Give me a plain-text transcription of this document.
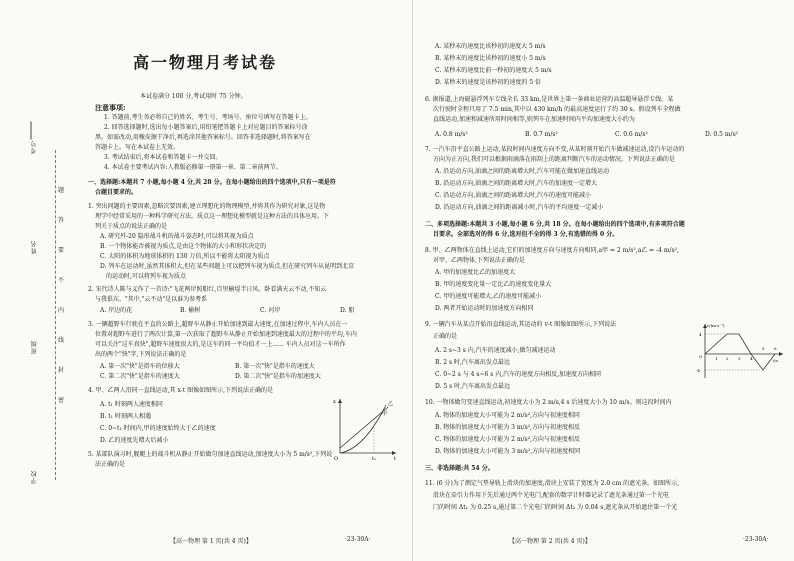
考号
姓名
班级
学校
题
答
要
不
内
线
封
密
高一物理月考试卷
本试卷满分 100 分,考试用时 75 分钟。
注意事项:
1. 答题前,考生务必将自己的姓名、考生号、考场号、座位号填写在答题卡上。
2. 回答选择题时,选出每小题答案后,用铅笔把答题卡上对应题目的答案标号涂
黑。如需改动,用橡皮擦干净后,再选涂其他答案标号。回答非选择题时,将答案写在
答题卡上。写在本试卷上无效。
3. 考试结束后,将本试卷和答题卡一并交回。
4. 本试卷主要考试内容:人教版必修第一册第一章、第二章前两节。
一、选择题:本题共 7 小题,每小题 4 分,共 28 分。在每小题给出的四个选项中,只有一项是符
合题目要求的。
1. 突出问题的主要因素,忽略次要因素,建立理想化的物理模型,并将其作为研究对象,这是物
理学中经常采用的一种科学研究方法。质点这一理想化模型就是这种方法的具体应用。下
列关于质点的说法正确的是
A. 研究歼-20 隐形战斗机的战斗姿态时,可以将其视为质点
B. 一个物体能否被视为质点,是由这个物体的大小和形状决定的
C. 太阳的体积为地球体积的 130 万倍,所以不能将太阳视为质点
D. 列车在运动时,虽然其体积大,但在某些问题上可以把列车视为质点,但在研究列车从昆明到北京
的运动时,可以将列车视为质点
2. 宋代诗人陈与义作了一首诗:"飞花两岸照船红,百里榆堤半日风。卧看满天云不动,不知云
与我俱东。"其中,"云不动"是以谁为参考系
A. 岸边的花	B. 榆树	C. 河岸	D. 船
3. 一辆超野车行驶在平直的公路上,超野车从静止开始加速到最大速度,在加速过程中,车内人员在一
位置对超野车进行了两次计算,第一次获取了超野车从静止开始加速到速度最大的过程中的平均,车内
可以关注"这车真快",超野车速度很大的,是这车的同一平均值才一上...... 车内人员对这一车所作
出的两个"快"字,下列说法正确的是
A. 第一次"快"是指车的位移大	B. 第一次"快"是指车的速度大
C. 第二次"快"是指车的速度大	D. 第二次"快"是指车的加速度大
4. 甲、乙两人沿同一直线运动,其 x-t 图像如图所示,下列说法正确的是
A. t₁ 时刻两人速度相同
B. t₁ 时刻两人相遇
C. 0~t₁ 时间内,甲的速度始终大于乙的速度
D. 乙的速度先增大后减小
x
t
O	t₁
甲
乙
5. 某部队演习时,舰艇上的战斗机从静止开始做匀加速直线运动,加速度大小为 5 m/s²,下列说
法正确的是
【高一物理 第 1 页(共 4 页)】	·23-30A·
A. 某秒末的速度比该秒初的速度大 5 m/s
B. 某秒末的速度比该秒初的速度小 5 m/s
C. 某秒末的速度比前一秒初的速度大 5 m/s
D. 某秒末的速度是该秒初的速度的 5 倍
6. 据报道,上海磁悬浮列车专线全长 33 km,是世界上第一条商业运营的高温超导悬浮专线。某
次行驶时全程只用了 7.5 min,其中以 430 km/h 的最高速度运行了约 30 s。假设列车全程做
直线运动,加速和减速所用时间相等,则列车在加速时间内平均加速度大小约为
A. 0.8 m/s²	B. 0.7 m/s²	C. 0.6 m/s²	D. 0.5 m/s²
7. 一汽车沿平直公路上运动,某段时间内速度方向不变,从某时刻开始汽车做减速运动,设汽车运动的
方向为正方向,我们可以根据雨滴落在雨刮上的距离判断汽车的运动情况。下列说法正确的是
A. 沿运动方向,油滴之间的距离增大时,汽车可能在做加速直线运动
B. 沿运动方向,油滴之间的距离增大时,汽车的加速度一定增大
C. 沿运动方向,油滴之间的距离增大时,汽车的速度可能减小
D. 沿运动方向,油滴之间的距离减小时,汽车的平均速度一定减小
二、多项选择题:本题共 3 小题,每小题 6 分,共 18 分。在每小题给出的四个选项中,有多项符合题
目要求。全部选对的得 6 分,选对但不全的得 3 分,有选错的得 0 分。
8. 甲、乙两物体在直线上运动,它们的加速度方向与速度方向相同,a甲 = 2 m/s²,a乙 = -4 m/s²,
对甲、乙两物体,下列说法正确的是
A. 甲的加速度比乙的加速度大
B. 甲的速度变化量一定比乙的速度变化量大
C. 甲的速度可能增大,乙的速度可能减小
D. 两者开始运动时的加速度方向相同
9. 一辆汽车从某点开始沿直线运动,其运动的 v-t 图像如图所示,下列说法
正确的是
A. 2 s~3 s 内,汽车的速度减小,做匀减速运动
B. 2 s 时,汽车离出发点最远
C. 0~2 s 与 4 s~6 s 内,汽车的速度方向相反,加速度方向相同
D. 5 s 时,汽车离出发点最远
v/(m·s⁻¹)
t/s
O
4
-4
1 2 3 4
5 6
10. 一物体做匀变速直线运动,初速度大小为 2 m/s,4 s 后速度大小为 10 m/s。则这段时间内
A. 物体的加速度大小可能为 2 m/s²,方向与初速度相同
B. 物体的加速度大小可能为 3 m/s²,方向与初速度相反
C. 物体的加速度大小可能为 2 m/s²,方向与初速度相反
D. 物体的加速度大小可能为 3 m/s²,方向与初速度相同
三、非选择题:共 54 分。
11. (6 分)为了测定气垫导轨上滑块的加速度,滑块上安装了宽度为 2.0 cm 的遮光条。如图所示,
滑块在牵引力作用下先后通过两个光电门,配套的数字计时器记录了遮光条通过第一个光电
门的时间 Δt₁ 为 0.25 s,通过第二个光电门的时间 Δt₂ 为 0.04 s,遮光条从开始遮住第一个光
【高一物理 第 2 页(共 4 页)】	·23-30A·
